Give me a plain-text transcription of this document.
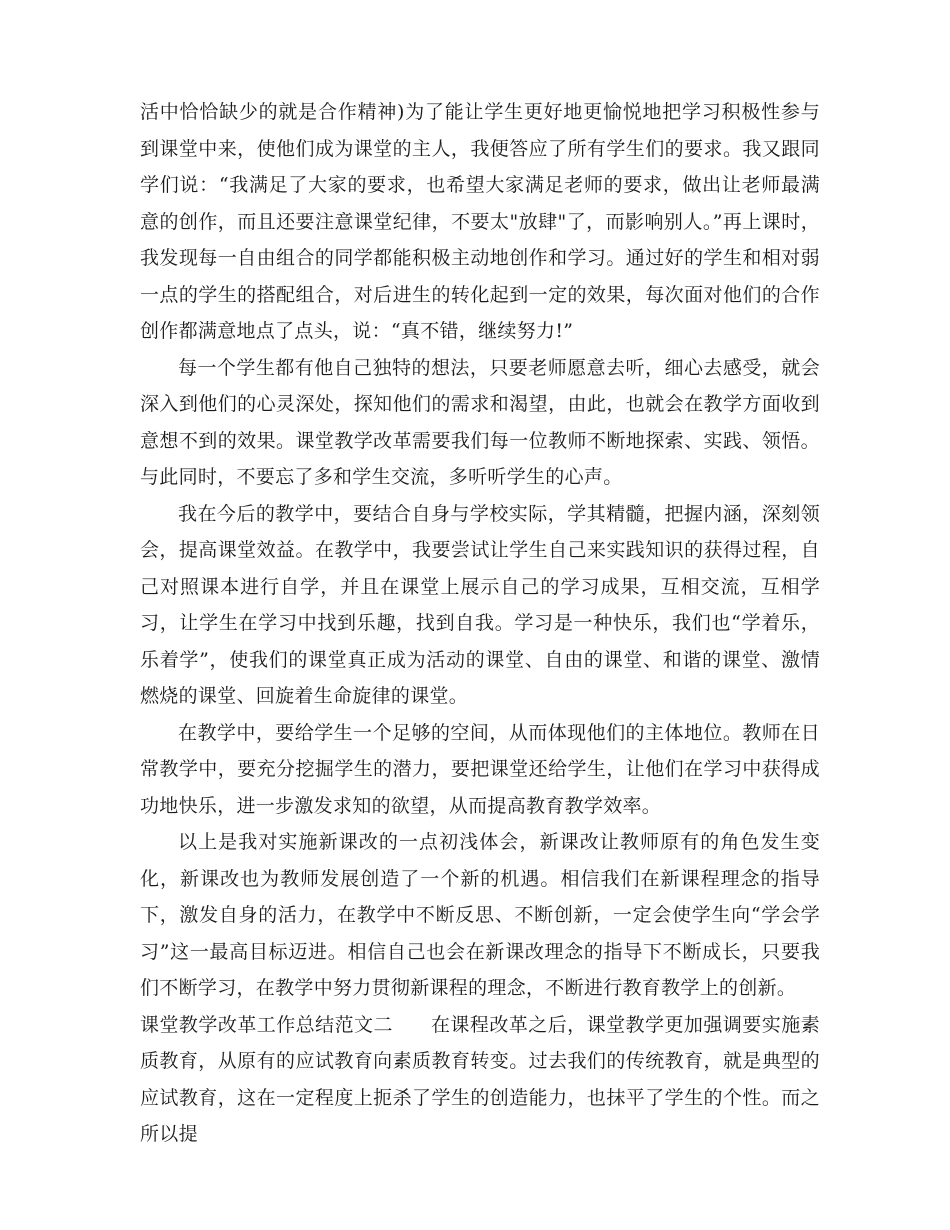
活中恰恰缺少的就是合作精神)为了能让学生更好地更愉悦地把学习积极性参与到课堂中来，使他们成为课堂的主人，我便答应了所有学生们的要求。我又跟同学们说：“我满足了大家的要求，也希望大家满足老师的要求，做出让老师最满意的创作，而且还要注意课堂纪律，不要太"放肆"了，而影响别人。”再上课时，我发现每一自由组合的同学都能积极主动地创作和学习。通过好的学生和相对弱一点的学生的搭配组合，对后进生的转化起到一定的效果，每次面对他们的合作创作都满意地点了点头，说：“真不错，继续努力!”

每一个学生都有他自己独特的想法，只要老师愿意去听，细心去感受，就会深入到他们的心灵深处，探知他们的需求和渴望，由此，也就会在教学方面收到意想不到的效果。课堂教学改革需要我们每一位教师不断地探索、实践、领悟。与此同时，不要忘了多和学生交流，多听听学生的心声。

我在今后的教学中，要结合自身与学校实际，学其精髓，把握内涵，深刻领会，提高课堂效益。在教学中，我要尝试让学生自己来实践知识的获得过程，自己对照课本进行自学，并且在课堂上展示自己的学习成果，互相交流，互相学习，让学生在学习中找到乐趣，找到自我。学习是一种快乐，我们也“学着乐，乐着学”，使我们的课堂真正成为活动的课堂、自由的课堂、和谐的课堂、激情燃烧的课堂、回旋着生命旋律的课堂。

在教学中，要给学生一个足够的空间，从而体现他们的主体地位。教师在日常教学中，要充分挖掘学生的潜力，要把课堂还给学生，让他们在学习中获得成功地快乐，进一步激发求知的欲望，从而提高教育教学效率。

以上是我对实施新课改的一点初浅体会，新课改让教师原有的角色发生变化，新课改也为教师发展创造了一个新的机遇。相信我们在新课程理念的指导下，激发自身的活力，在教学中不断反思、不断创新，一定会使学生向“学会学习”这一最高目标迈进。相信自己也会在新课改理念的指导下不断成长，只要我们不断学习，在教学中努力贯彻新课程的理念，不断进行教育教学上的创新。

课堂教学改革工作总结范文二 在课程改革之后，课堂教学更加强调要实施素质教育，从原有的应试教育向素质教育转变。过去我们的传统教育，就是典型的应试教育，这在一定程度上扼杀了学生的创造能力，也抹平了学生的个性。而之所以提
